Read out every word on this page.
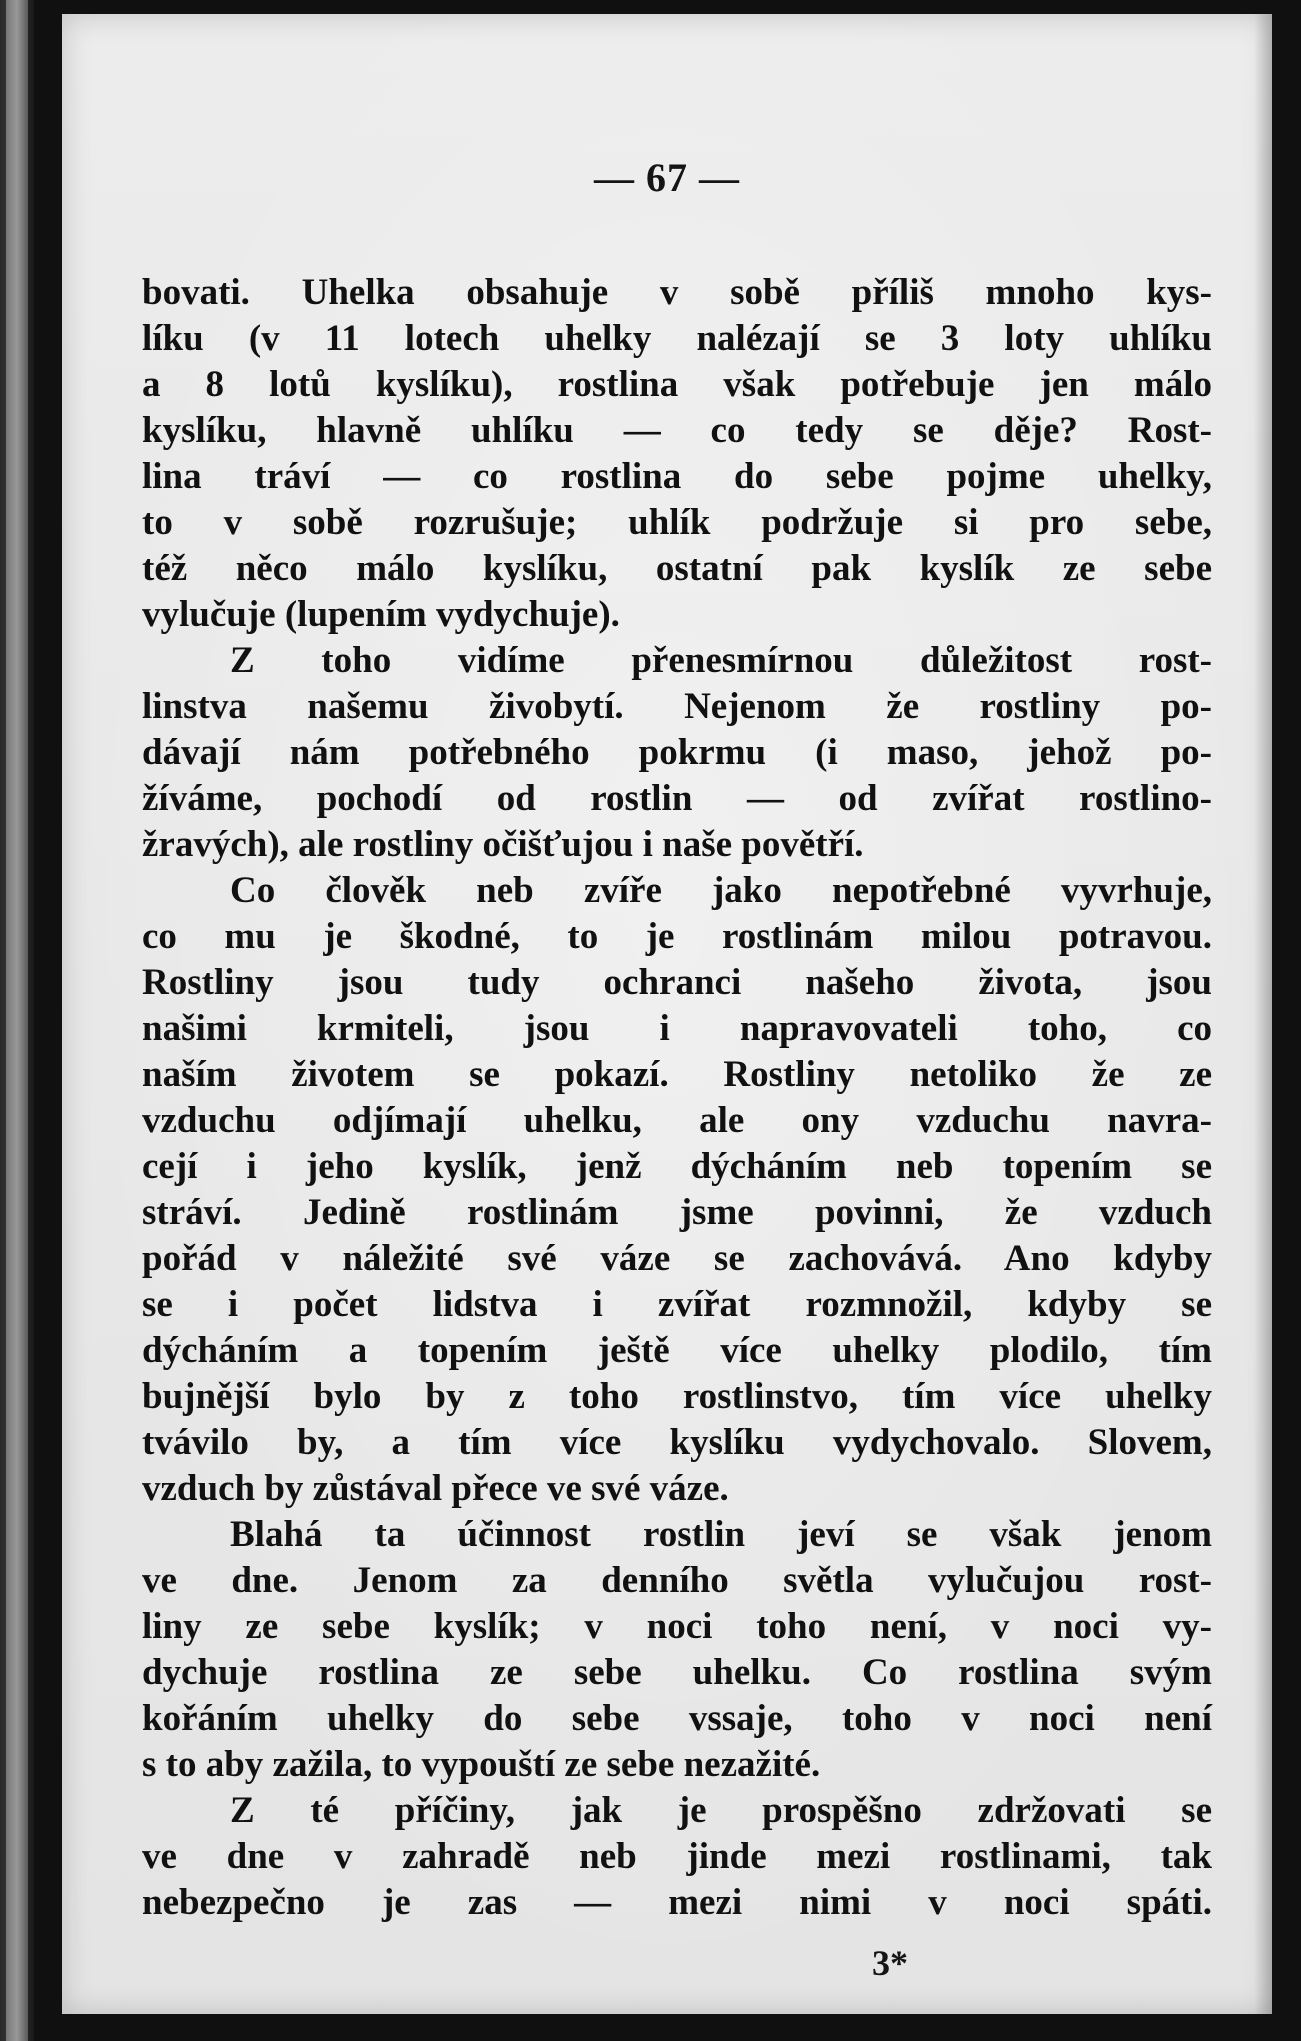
— 67 —

bovati. Uhelka obsahuje v sobě příliš mnoho kys-
líku (v 11 lotech uhelky nalézají se 3 loty uhlíku
a 8 lotů kyslíku), rostlina však potřebuje jen málo
kyslíku, hlavně uhlíku — co tedy se děje? Rost-
lina tráví — co rostlina do sebe pojme uhelky,
to v sobě rozrušuje; uhlík podržuje si pro sebe,
též něco málo kyslíku, ostatní pak kyslík ze sebe
vylučuje (lupením vydychuje).
Z toho vidíme přenesmírnou důležitost rost-
linstva našemu živobytí. Nejenom že rostliny po-
dávají nám potřebného pokrmu (i maso, jehož po-
žíváme, pochodí od rostlin — od zvířat rostlino-
žravých), ale rostliny očišťujou i naše povětří.
Co člověk neb zvíře jako nepotřebné vyvrhuje,
co mu je škodné, to je rostlinám milou potravou.
Rostliny jsou tudy ochranci našeho života, jsou
našimi krmiteli, jsou i napravovateli toho, co
naším životem se pokazí. Rostliny netoliko že ze
vzduchu odjímají uhelku, ale ony vzduchu navra-
cejí i jeho kyslík, jenž dýcháním neb topením se
stráví. Jedině rostlinám jsme povinni, že vzduch
pořád v náležité své váze se zachovává. Ano kdyby
se i počet lidstva i zvířat rozmnožil, kdyby se
dýcháním a topením ještě více uhelky plodilo, tím
bujnější bylo by z toho rostlinstvo, tím více uhelky
tvávilo by, a tím více kyslíku vydychovalo. Slovem,
vzduch by zůstával přece ve své váze.
Blahá ta účinnost rostlin jeví se však jenom
ve dne. Jenom za denního světla vylučujou rost-
liny ze sebe kyslík; v noci toho není, v noci vy-
dychuje rostlina ze sebe uhelku. Co rostlina svým
kořáním uhelky do sebe vssaje, toho v noci není
s to aby zažila, to vypouští ze sebe nezažité.
Z té příčiny, jak je prospěšno zdržovati se
ve dne v zahradě neb jinde mezi rostlinami, tak
nebezpečno je zas — mezi nimi v noci spáti.

3*
